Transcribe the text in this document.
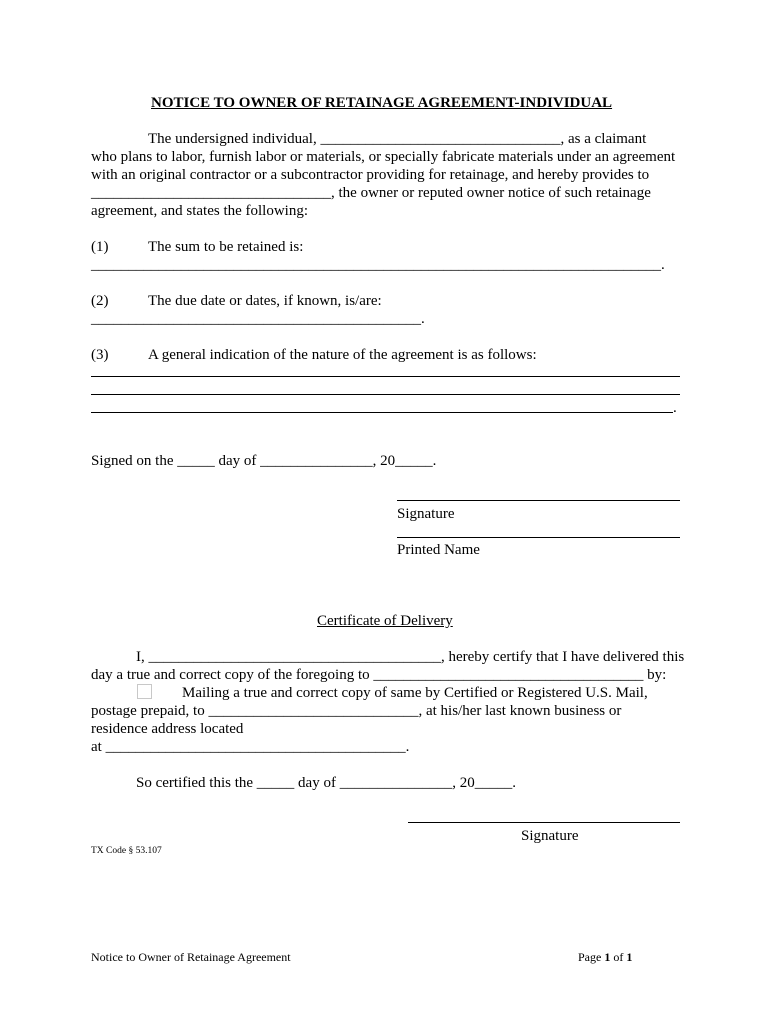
NOTICE TO OWNER OF RETAINAGE AGREEMENT-INDIVIDUAL
The undersigned individual, ________________________________, as a claimant
who plans to labor, furnish labor or materials, or specially fabricate materials under an agreement
with an original contractor or a subcontractor providing for retainage, and hereby provides to
________________________________, the owner or reputed owner notice of such retainage
agreement, and states the following:
(1)	The sum to be retained is:
____________________________________________________________________________.
(2)	The due date or dates, if known, is/are:
____________________________________________.
(3)	A general indication of the nature of the agreement is as follows:
.
Signed on the _____ day of _______________, 20_____.
Signature
Printed Name
Certificate of Delivery
I, _______________________________________, hereby certify that I have delivered this
day a true and correct copy of the foregoing to ____________________________________ by:
Mailing a true and correct copy of same by Certified or Registered U.S. Mail,
postage prepaid, to ____________________________, at his/her last known business or
residence address located
at ________________________________________.
So certified this the _____ day of _______________, 20_____.
Signature
TX Code § 53.107
Notice to Owner of Retainage Agreement	Page 1 of 1
